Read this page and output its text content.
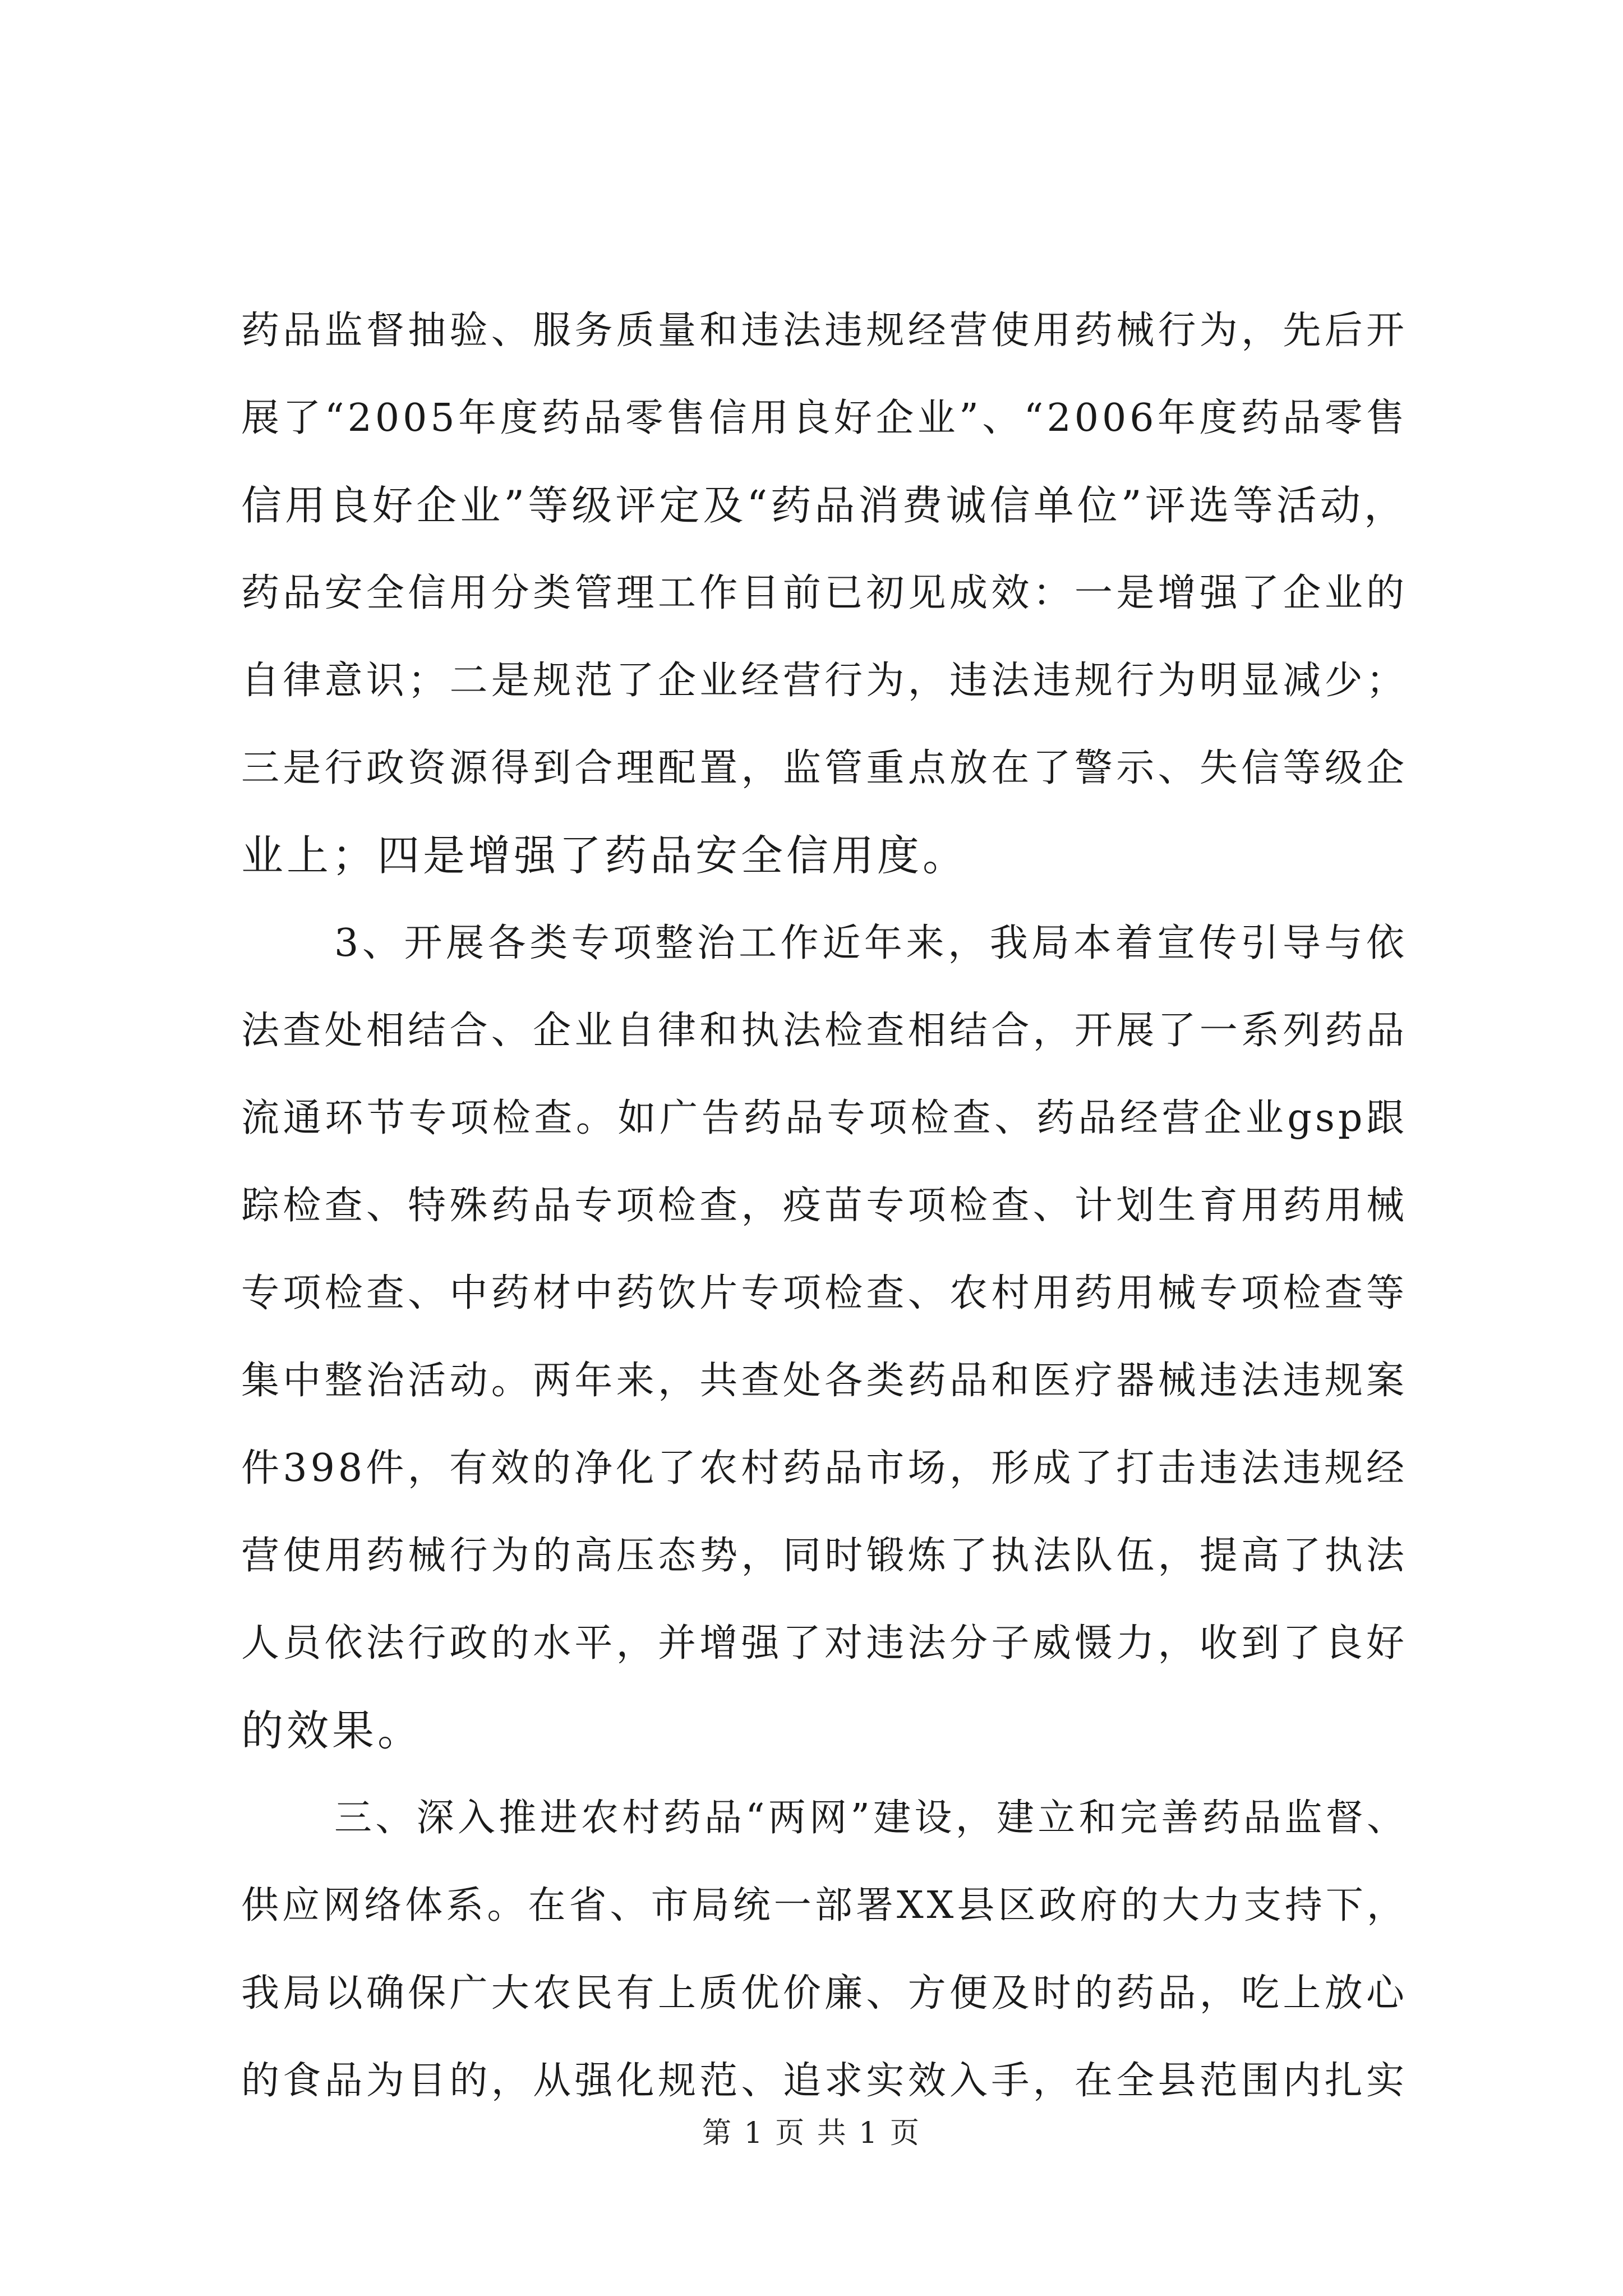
药品监督抽验、服务质量和违法违规经营使用药械行为，先后开
展了“2005年度药品零售信用良好企业”、“2006年度药品零售
信用良好企业”等级评定及“药品消费诚信单位”评选等活动，
药品安全信用分类管理工作目前已初见成效：一是增强了企业的
自律意识；二是规范了企业经营行为，违法违规行为明显减少；
三是行政资源得到合理配置，监管重点放在了警示、失信等级企
业上；四是增强了药品安全信用度。
3、开展各类专项整治工作近年来，我局本着宣传引导与依
法查处相结合、企业自律和执法检查相结合，开展了一系列药品
流通环节专项检查。如广告药品专项检查、药品经营企业gsp跟
踪检查、特殊药品专项检查，疫苗专项检查、计划生育用药用械
专项检查、中药材中药饮片专项检查、农村用药用械专项检查等
集中整治活动。两年来，共查处各类药品和医疗器械违法违规案
件398件，有效的净化了农村药品市场，形成了打击违法违规经
营使用药械行为的高压态势，同时锻炼了执法队伍，提高了执法
人员依法行政的水平，并增强了对违法分子威慑力，收到了良好
的效果。
三、深入推进农村药品“两网”建设，建立和完善药品监督、
供应网络体系。在省、市局统一部署XX县区政府的大力支持下，
我局以确保广大农民有上质优价廉、方便及时的药品，吃上放心
的食品为目的，从强化规范、追求实效入手，在全县范围内扎实
第 1 页 共 1 页
